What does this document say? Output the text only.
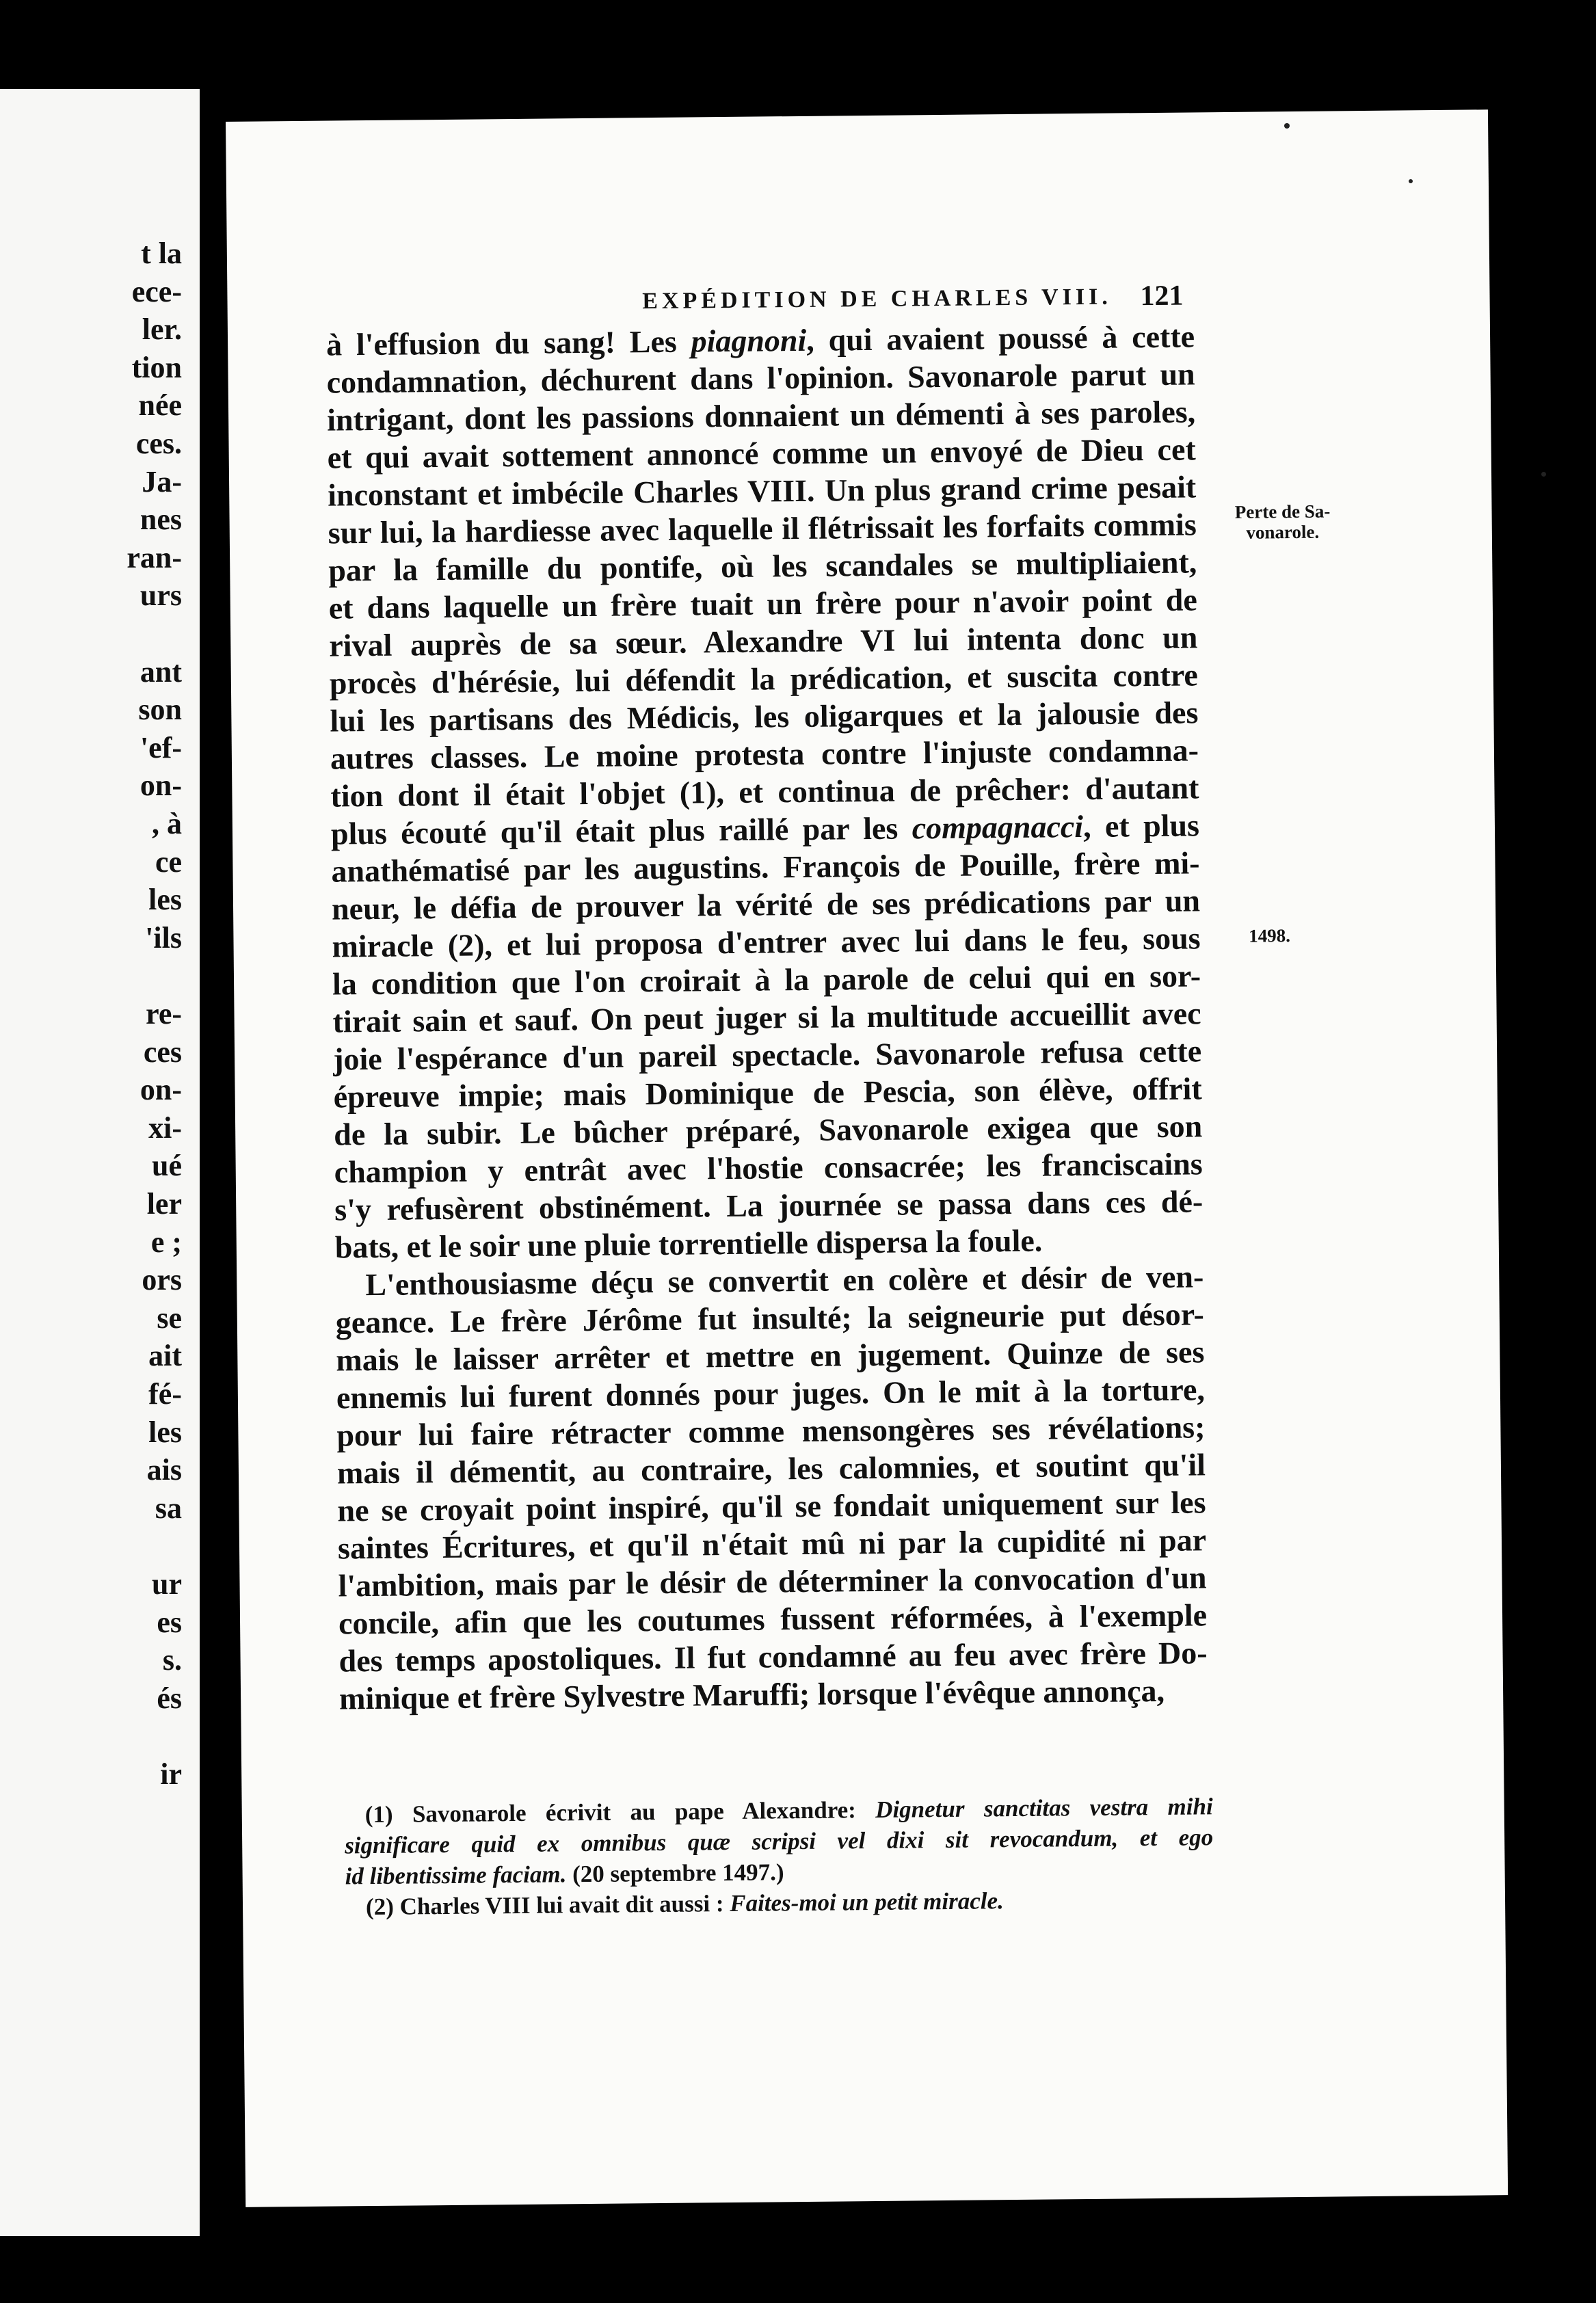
t la
ece-
ler.
tion
née
ces.
Ja-
nes
ran-
urs
ant
son
'ef-
on-
, à
ce
les
'ils
re-
ces
on-
xi-
ué
ler
e ;
ors
se
ait
fé-
les
ais
sa
ur
es
s.
és
ir
EXPÉDITION DE CHARLES VIII. 121
à l'effusion du sang! Les piagnoni, qui avaient poussé à cette
condamnation, déchurent dans l'opinion. Savonarole parut un
intrigant, dont les passions donnaient un démenti à ses paroles,
et qui avait sottement annoncé comme un envoyé de Dieu cet
inconstant et imbécile Charles VIII. Un plus grand crime pesait
sur lui, la hardiesse avec laquelle il flétrissait les forfaits commis
par la famille du pontife, où les scandales se multipliaient,
et dans laquelle un frère tuait un frère pour n'avoir point de
rival auprès de sa sœur. Alexandre VI lui intenta donc un
procès d'hérésie, lui défendit la prédication, et suscita contre
lui les partisans des Médicis, les oligarques et la jalousie des
autres classes. Le moine protesta contre l'injuste condamna-
tion dont il était l'objet (1), et continua de prêcher: d'autant
plus écouté qu'il était plus raillé par les compagnacci, et plus
anathématisé par les augustins. François de Pouille, frère mi-
neur, le défia de prouver la vérité de ses prédications par un
miracle (2), et lui proposa d'entrer avec lui dans le feu, sous
la condition que l'on croirait à la parole de celui qui en sor-
tirait sain et sauf. On peut juger si la multitude accueillit avec
joie l'espérance d'un pareil spectacle. Savonarole refusa cette
épreuve impie; mais Dominique de Pescia, son élève, offrit
de la subir. Le bûcher préparé, Savonarole exigea que son
champion y entrât avec l'hostie consacrée; les franciscains
s'y refusèrent obstinément. La journée se passa dans ces dé-
bats, et le soir une pluie torrentielle dispersa la foule.
L'enthousiasme déçu se convertit en colère et désir de ven-
geance. Le frère Jérôme fut insulté; la seigneurie put désor-
mais le laisser arrêter et mettre en jugement. Quinze de ses
ennemis lui furent donnés pour juges. On le mit à la torture,
pour lui faire rétracter comme mensongères ses révélations;
mais il démentit, au contraire, les calomnies, et soutint qu'il
ne se croyait point inspiré, qu'il se fondait uniquement sur les
saintes Écritures, et qu'il n'était mû ni par la cupidité ni par
l'ambition, mais par le désir de déterminer la convocation d'un
concile, afin que les coutumes fussent réformées, à l'exemple
des temps apostoliques. Il fut condamné au feu avec frère Do-
minique et frère Sylvestre Maruffi; lorsque l'évêque annonça,
Perte de Sa-
vonarole.
1498.
(1) Savonarole écrivit au pape Alexandre: Dignetur sanctitas vestra mihi
significare quid ex omnibus quæ scripsi vel dixi sit revocandum, et ego
id libentissime faciam. (20 septembre 1497.)
(2) Charles VIII lui avait dit aussi : Faites-moi un petit miracle.
